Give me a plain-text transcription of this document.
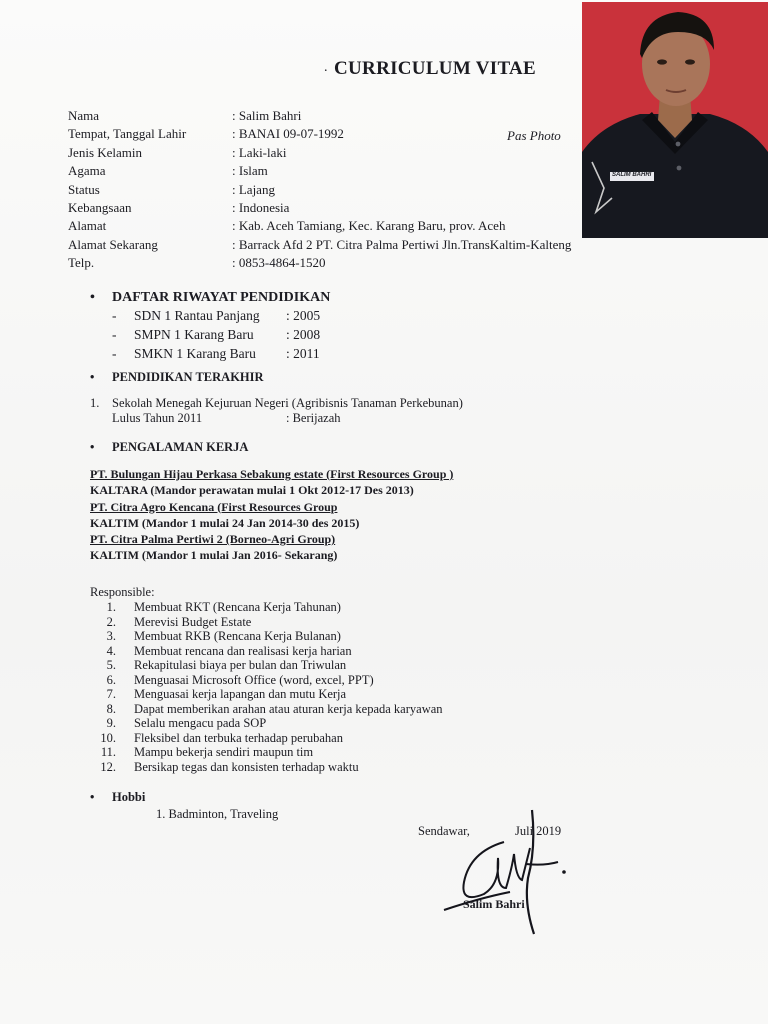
. CURRICULUM VITAE
SALIM BAHRI
Pas Photo
Nama	: Salim Bahri
Tempat, Tanggal Lahir	: BANAI 09-07-1992
Jenis Kelamin	: Laki-laki
Agama	: Islam
Status	: Lajang
Kebangsaan	: Indonesia
Alamat	: Kab. Aceh Tamiang, Kec. Karang Baru, prov. Aceh
Alamat Sekarang	: Barrack Afd 2 PT. Citra Palma Pertiwi Jln.TransKaltim-Kalteng
Telp.	: 0853-4864-1520
• DAFTAR RIWAYAT PENDIDIKAN
- SDN 1 Rantau Panjang : 2005
- SMPN 1 Karang Baru : 2008
- SMKN 1 Karang Baru : 2011
• PENDIDIKAN TERAKHIR
1. Sekolah Menegah Kejuruan Negeri (Agribisnis Tanaman Perkebunan)
Lulus Tahun 2011	: Berijazah
• PENGALAMAN KERJA
PT. Bulungan Hijau Perkasa Sebakung estate (First Resources Group )
KALTARA (Mandor perawatan mulai 1 Okt 2012-17 Des 2013)
PT. Citra Agro Kencana (First Resources Group
KALTIM (Mandor 1 mulai 24 Jan 2014-30 des 2015)
PT. Citra Palma Pertiwi 2 (Borneo-Agri Group)
KALTIM (Mandor 1 mulai Jan 2016- Sekarang)
Responsible:
1. Membuat RKT (Rencana Kerja Tahunan)
2. Merevisi Budget Estate
3. Membuat RKB (Rencana Kerja Bulanan)
4. Membuat rencana dan realisasi kerja harian
5. Rekapitulasi biaya per bulan dan Triwulan
6. Menguasai Microsoft Office (word, excel, PPT)
7. Menguasai kerja lapangan dan mutu Kerja
8. Dapat memberikan arahan atau aturan kerja kepada karyawan
9. Selalu mengacu pada SOP
10. Fleksibel dan terbuka terhadap perubahan
11. Mampu bekerja sendiri maupun tim
12. Bersikap tegas dan konsisten terhadap waktu
• Hobbi
1. Badminton, Traveling
Sendawar,	Juli 2019
Salim Bahri
